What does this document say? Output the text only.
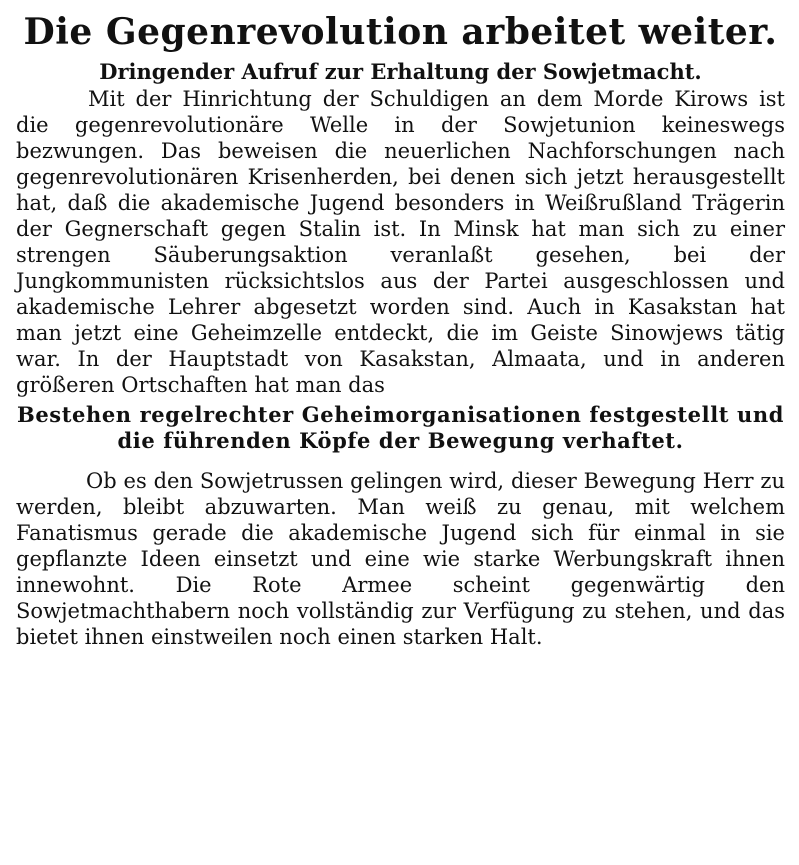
Die Gegenrevolution arbeitet weiter.
Dringender Aufruf zur Erhaltung der Sowjetmacht.

Mit der Hinrichtung der Schuldigen an dem Morde Kirows ist die gegenrevolutionäre Welle in der Sowjetunion keineswegs bezwungen. Das beweisen die neuerlichen Nachforschungen nach gegenrevolutionären Krisenherden, bei denen sich jetzt herausgestellt hat, daß die akademische Jugend besonders in Weißrußland Trägerin der Gegnerschaft gegen Stalin ist. In Minsk hat man sich zu einer strengen Säuberungsaktion veranlaßt gesehen, bei der Jungkommunisten rücksichtslos aus der Partei ausgeschlossen und akademische Lehrer abgesetzt worden sind. Auch in Kasakstan hat man jetzt eine Geheimzelle entdeckt, die im Geiste Sinowjews tätig war. In der Hauptstadt von Kasakstan, Almaata, und in anderen größeren Ortschaften hat man das

Bestehen regelrechter Geheimorganisationen festgestellt und die führenden Köpfe der Bewegung verhaftet.

Ob es den Sowjetrussen gelingen wird, dieser Bewegung Herr zu werden, bleibt abzuwarten. Man weiß zu genau, mit welchem Fanatismus gerade die akademische Jugend sich für einmal in sie gepflanzte Ideen einsetzt und eine wie starke Werbungskraft ihnen innewohnt. Die Rote Armee scheint gegenwärtig den Sowjetmachthabern noch vollständig zur Verfügung zu stehen, und das bietet ihnen einstweilen noch einen starken Halt.
